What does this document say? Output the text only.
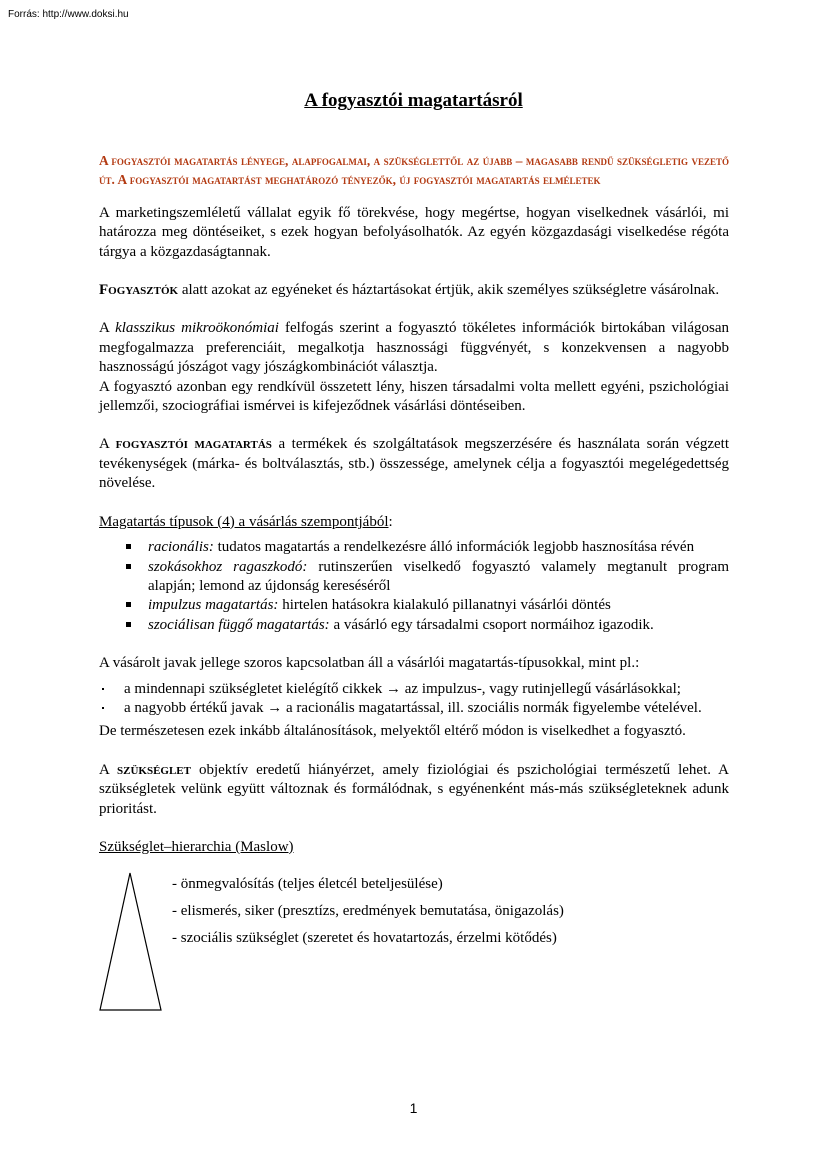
Forrás: http://www.doksi.hu
A fogyasztói magatartásról
A fogyasztói magatartás lényege, alapfogalmai, a szükséglettől az újabb – magasabb rendű szükségletig vezető út. A fogyasztói magatartást meghatározó tényezők, új fogyasztói magatartás elméletek

A marketingszemléletű vállalat egyik fő törekvése, hogy megértse, hogyan viselkednek vásárlói, mi határozza meg döntéseiket, s ezek hogyan befolyásolhatók. Az egyén közgazdasági viselkedése régóta tárgya a közgazdaságtannak.

Fogyasztók alatt azokat az egyéneket és háztartásokat értjük, akik személyes szükségletre vásárolnak.

A klasszikus mikroökonómiai felfogás szerint a fogyasztó tökéletes információk birtokában világosan megfogalmazza preferenciáit, megalkotja hasznossági függvényét, s konzekvensen a nagyobb hasznosságú jószágot vagy jószágkombinációt választja.

A fogyasztó azonban egy rendkívül összetett lény, hiszen társadalmi volta mellett egyéni, pszichológiai jellemzői, szociográfiai ismérvei is kifejeződnek vásárlási döntéseiben.

A fogyasztói magatartás a termékek és szolgáltatások megszerzésére és használata során végzett tevékenységek (márka- és boltválasztás, stb.) összessége, amelynek célja a fogyasztói megelégedettség növelése.

Magatartás típusok (4) a vásárlás szempontjából:

racionális: tudatos magatartás a rendelkezésre álló információk legjobb hasznosítása révén
szokásokhoz ragaszkodó: rutinszerűen viselkedő fogyasztó valamely megtanult program alapján; lemond az újdonság kereséséről
impulzus magatartás: hirtelen hatásokra kialakuló pillanatnyi vásárlói döntés
szociálisan függő magatartás: a vásárló egy társadalmi csoport normáihoz igazodik.

A vásárolt javak jellege szoros kapcsolatban áll a vásárlói magatartás-típusokkal, mint pl.:

a mindennapi szükségletet kielégítő cikkek → az impulzus-, vagy rutinjellegű vásárlásokkal;
a nagyobb értékű javak → a racionális magatartással, ill. szociális normák figyelembe vételével.

De természetesen ezek inkább általánosítások, melyektől eltérő módon is viselkedhet a fogyasztó.

A szükséglet objektív eredetű hiányérzet, amely fiziológiai és pszichológiai természetű lehet. A szükségletek velünk együtt változnak és formálódnak, s egyénenként más-más szükségleteknek adunk prioritást.

Szükséglet–hierarchia (Maslow)

- önmegvalósítás (teljes életcél beteljesülése)
- elismerés, siker (presztízs, eredmények bemutatása, önigazolás)
- szociális szükséglet (szeretet és hovatartozás, érzelmi kötődés)
1
